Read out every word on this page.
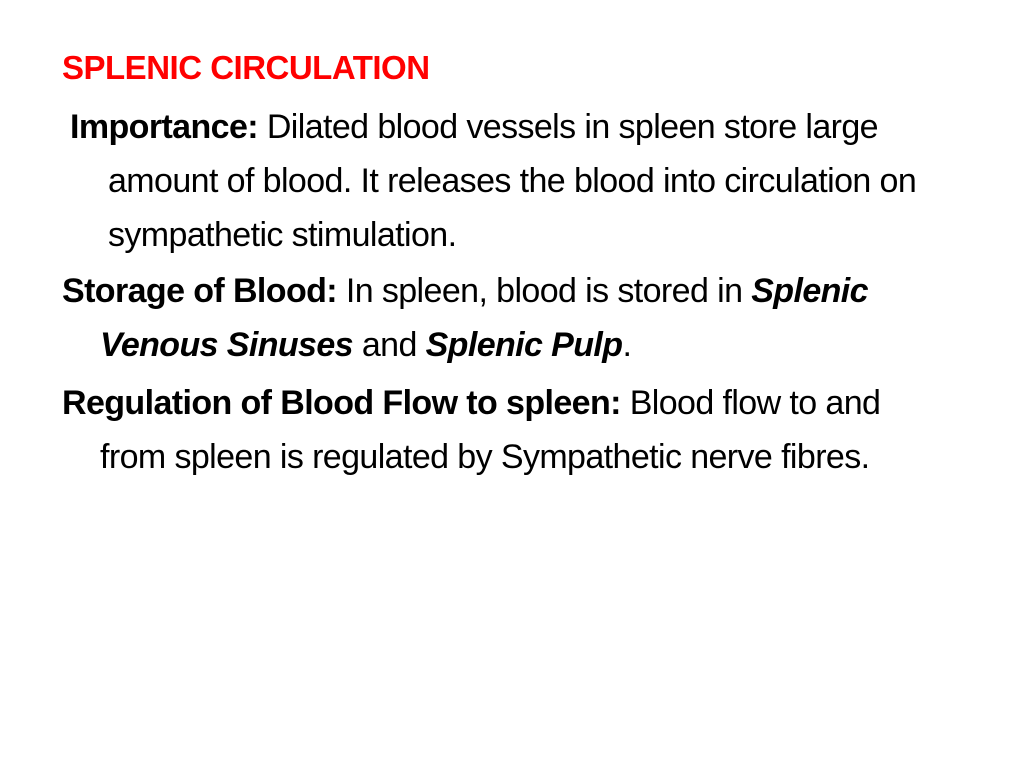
SPLENIC CIRCULATION

Importance: Dilated blood vessels in spleen store large amount of blood. It releases the blood into circulation on sympathetic stimulation.

Storage of Blood: In spleen, blood is stored in Splenic Venous Sinuses and Splenic Pulp.

Regulation of Blood Flow to spleen: Blood flow to and from spleen is regulated by Sympathetic nerve fibres.
